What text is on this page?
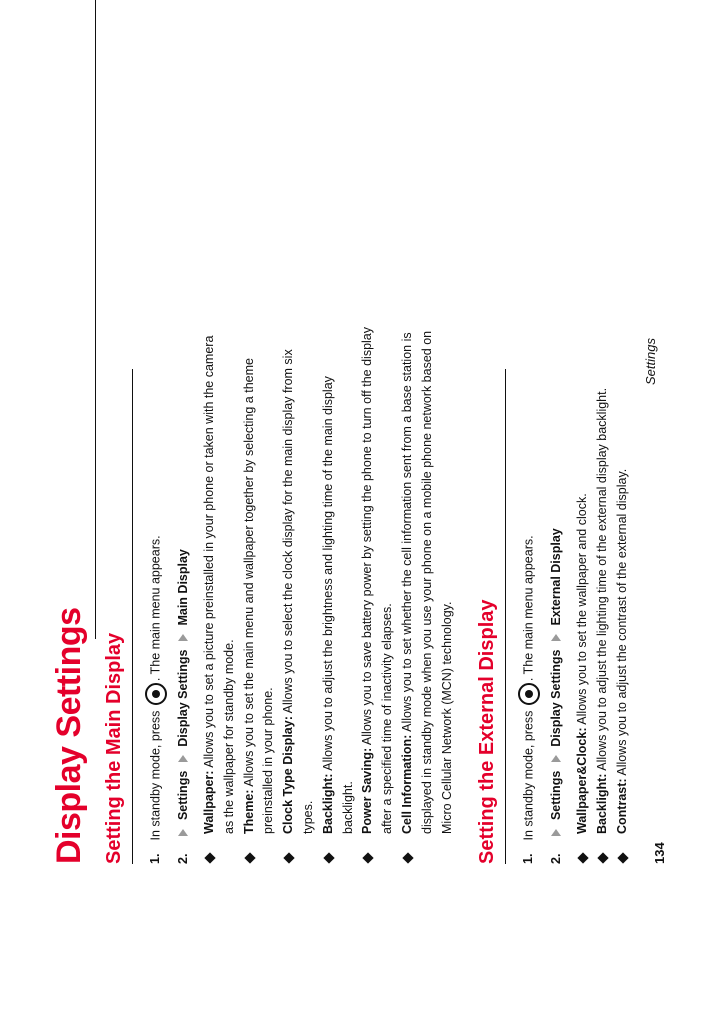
Display Settings Setting the Main Display 1. In standby mode, press . The main menu appears.
2.  Settings  Display Settings  Main Display
Wallpaper: Allows you to set a picture preinstalled in your phone or taken with the camera as the wallpaper for standby mode. Theme: Allows you to set the main menu and wallpaper together by selecting a theme preinstalled in your phone. Clock Type Display: Allows you to select the clock display for the main display from six types. Backlight: Allows you to adjust the brightness and lighting time of the main display backlight. Power Saving: Allows you to save battery power by setting the phone to turn off the display after a specified time of inactivity elapses. Cell Information: Allows you to set whether the cell information sent from a base station is displayed in standby mode when you use your phone on a mobile phone network based on Micro Cellular Network (MCN) technology. Setting the External Display 1. In standby mode, press . The main menu appears.
2.  Settings  Display Settings  External Display
Wallpaper&Clock: Allows you to set the wallpaper and clock.
Backlight: Allows you to adjust the lighting time of the external display backlight.
Contrast: Allows you to adjust the contrast of the external display.
134
Settings
